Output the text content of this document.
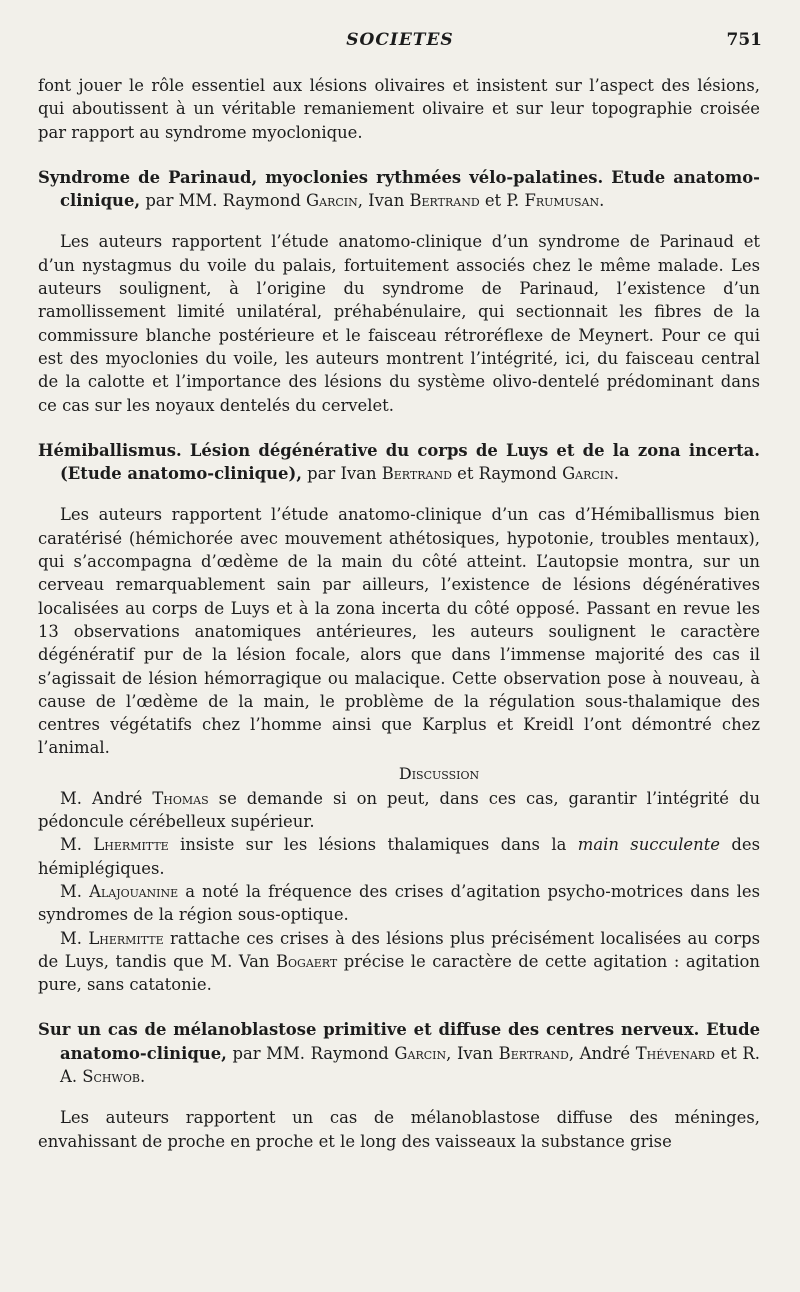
SOCIETES	751

font jouer le rôle essentiel aux lésions olivaires et insistent sur l’aspect des lésions, qui aboutissent à un véritable remaniement olivaire et sur leur topographie croisée par rapport au syndrome myoclonique.

Syndrome de Parinaud, myoclonies rythmées vélo-palatines. Etude anatomo-clinique, par MM. Raymond Garcin, Ivan Bertrand et P. Frumusan.

Les auteurs rapportent l’étude anatomo-clinique d’un syndrome de Parinaud et d’un nystagmus du voile du palais, fortuitement associés chez le même malade. Les auteurs soulignent, à l’origine du syndrome de Parinaud, l’existence d’un ramollissement limité unilatéral, préhabénulaire, qui sectionnait les fibres de la commissure blanche postérieure et le faisceau rétroréflexe de Meynert. Pour ce qui est des myoclonies du voile, les auteurs montrent l’intégrité, ici, du faisceau central de la calotte et l’importance des lésions du système olivo-dentelé prédominant dans ce cas sur les noyaux dentelés du cervelet.

Hémiballismus. Lésion dégénérative du corps de Luys et de la zona incerta. (Etude anatomo-clinique), par Ivan Bertrand et Raymond Garcin.

Les auteurs rapportent l’étude anatomo-clinique d’un cas d’Hémiballismus bien caratérisé (hémichorée avec mouvement athétosiques, hypotonie, troubles mentaux), qui s’accompagna d’œdème de la main du côté atteint. L’autopsie montra, sur un cerveau remarquablement sain par ailleurs, l’existence de lésions dégénératives localisées au corps de Luys et à la zona incerta du côté opposé. Passant en revue les 13 observations anatomiques antérieures, les auteurs soulignent le caractère dégénératif pur de la lésion focale, alors que dans l’immense majorité des cas il s’agissait de lésion hémorragique ou malacique. Cette observation pose à nouveau, à cause de l’œdème de la main, le problème de la régulation sous-thalamique des centres végétatifs chez l’homme ainsi que Karplus et Kreidl l’ont démontré chez l’animal.

Discussion

M. André Thomas se demande si on peut, dans ces cas, garantir l’intégrité du pédoncule cérébelleux supérieur.

M. Lhermitte insiste sur les lésions thalamiques dans la main succulente des hémiplégiques.

M. Alajouanine a noté la fréquence des crises d’agitation psycho-motrices dans les syndromes de la région sous-optique.

M. Lhermitte rattache ces crises à des lésions plus précisément localisées au corps de Luys, tandis que M. Van Bogaert précise le caractère de cette agitation : agitation pure, sans catatonie.

Sur un cas de mélanoblastose primitive et diffuse des centres nerveux. Etude anatomo-clinique, par MM. Raymond Garcin, Ivan Bertrand, André Thévenard et R. A. Schwob.

Les auteurs rapportent un cas de mélanoblastose diffuse des méninges, envahissant de proche en proche et le long des vaisseaux la substance grise
